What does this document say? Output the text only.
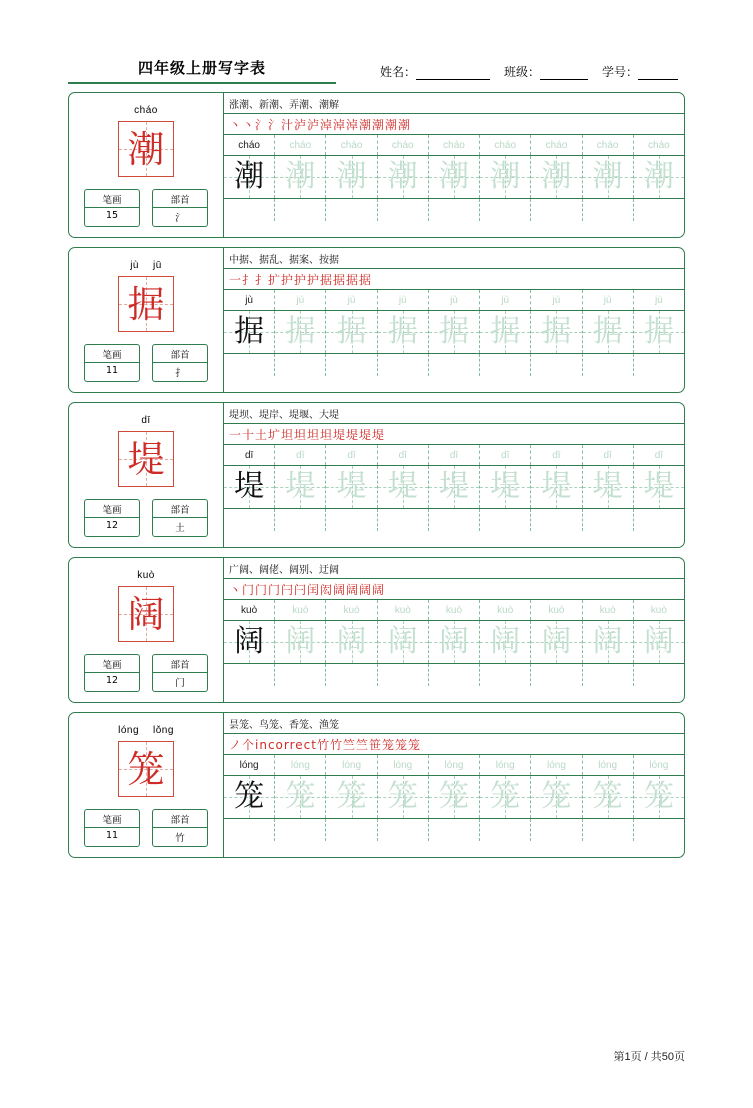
四年级上册写字表	姓名：	班级：	学号：
cháo
潮
笔画
15
部首
氵
涨潮、新潮、弄潮、潮解
丶丶氵氵汁泸泸淖淖淖潮潮潮潮
cháo	cháo	cháo	cháo	cháo	cháo	cháo	cháo	cháo
潮 潮 潮 潮 潮 潮 潮 潮 潮
jù jū
据
笔画
11
部首
扌
中据、据乱、据案、按据
一扌扌扩护护护据据据据
jù	jù	jù	jù	jù	jù	jù	jù	jù
据 据 据 据 据 据 据 据 据
dī
堤
笔画
12
部首
土
堤坝、堤岸、堤堰、大堤
一十土圹坦坦坦坦堤堤堤堤
dī	dī	dī	dī	dī	dī	dī	dī	dī
堤 堤 堤 堤 堤 堤 堤 堤 堤
kuò
阔
笔画
12
部首
门
广阔、阔佬、阔别、迂阔
丶门门门闩闩闰闳阔阔阔阔
kuò	kuò	kuò	kuò	kuò	kuò	kuò	kuò	kuò
阔 阔 阔 阔 阔 阔 阔 阔 阔
lóng lǒng
笼
笔画
11
部首
竹
昙笼、鸟笼、香笼、渔笼
ノ个incorrect竹竹竺竺笹笼笼笼
lóng	lóng	lóng	lóng	lóng	lóng	lóng	lóng	lóng
笼 笼 笼 笼 笼 笼 笼 笼 笼
第1页 / 共50页
